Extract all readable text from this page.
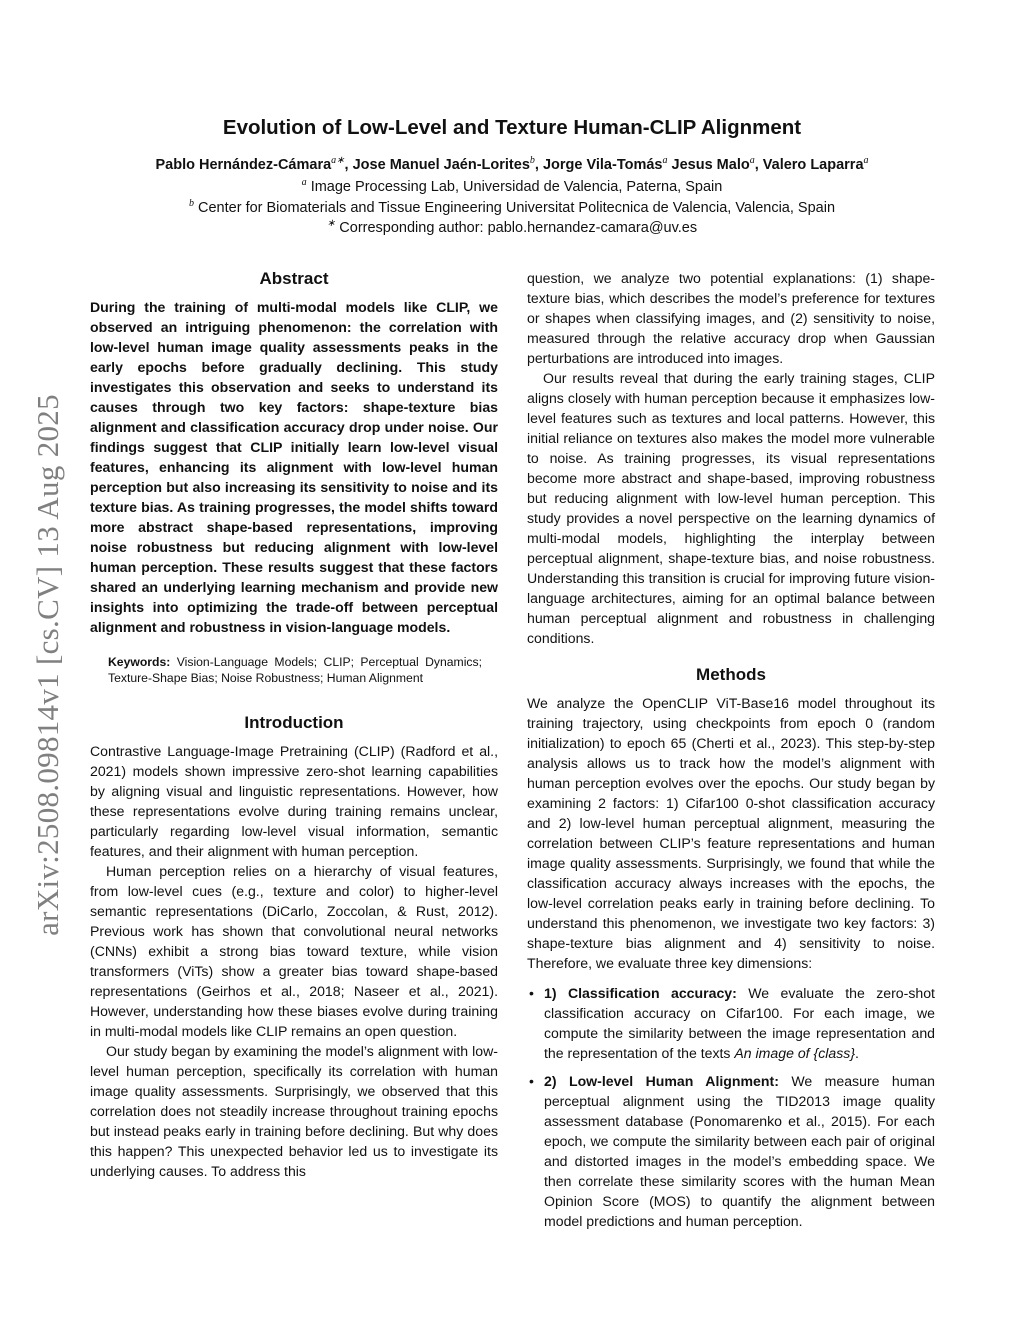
arXiv:2508.09814v1 [cs.CV] 13 Aug 2025
Evolution of Low-Level and Texture Human-CLIP Alignment
Pablo Hernández-Cámara$^{a∗}$, Jose Manuel Jaén-Lorites$^b$, Jorge Vila-Tomás$^a$ Jesus Malo$^a$, Valero Laparra$^a$
$^a$ Image Processing Lab, Universidad de Valencia, Paterna, Spain
$^b$ Center for Biomaterials and Tissue Engineering Universitat Politecnica de Valencia, Valencia, Spain
∗ Corresponding author: pablo.hernandez-camara@uv.es
Abstract

During the training of multi-modal models like CLIP, we observed an intriguing phenomenon: the correlation with low-level human image quality assessments peaks in the early epochs before gradually declining. This study investigates this observation and seeks to understand its causes through two key factors: shape-texture bias alignment and classification accuracy drop under noise. Our findings suggest that CLIP initially learn low-level visual features, enhancing its alignment with low-level human perception but also increasing its sensitivity to noise and its texture bias. As training progresses, the model shifts toward more abstract shape-based representations, improving noise robustness but reducing alignment with low-level human perception. These results suggest that these factors shared an underlying learning mechanism and provide new insights into optimizing the trade-off between perceptual alignment and robustness in vision-language models.

Keywords: Vision-Language Models; CLIP; Perceptual Dynamics; Texture-Shape Bias; Noise Robustness; Human Alignment
Introduction

Contrastive Language-Image Pretraining (CLIP) (Radford et al., 2021) models shown impressive zero-shot learning capabilities by aligning visual and linguistic representations. However, how these representations evolve during training remains unclear, particularly regarding low-level visual information, semantic features, and their alignment with human perception.

Human perception relies on a hierarchy of visual features, from low-level cues (e.g., texture and color) to higher-level semantic representations (DiCarlo, Zoccolan, & Rust, 2012). Previous work has shown that convolutional neural networks (CNNs) exhibit a strong bias toward texture, while vision transformers (ViTs) show a greater bias toward shape-based representations (Geirhos et al., 2018; Naseer et al., 2021). However, understanding how these biases evolve during training in multi-modal models like CLIP remains an open question.

Our study began by examining the model’s alignment with low-level human perception, specifically its correlation with human image quality assessments. Surprisingly, we observed that this correlation does not steadily increase throughout training epochs but instead peaks early in training before declining. But why does this happen? This unexpected behavior led us to investigate its underlying causes. To address this

question, we analyze two potential explanations: (1) shape-texture bias, which describes the model’s preference for textures or shapes when classifying images, and (2) sensitivity to noise, measured through the relative accuracy drop when Gaussian perturbations are introduced into images.

Our results reveal that during the early training stages, CLIP aligns closely with human perception because it emphasizes low-level features such as textures and local patterns. However, this initial reliance on textures also makes the model more vulnerable to noise. As training progresses, its visual representations become more abstract and shape-based, improving robustness but reducing alignment with low-level human perception. This study provides a novel perspective on the learning dynamics of multi-modal models, highlighting the interplay between perceptual alignment, shape-texture bias, and noise robustness. Understanding this transition is crucial for improving future vision-language architectures, aiming for an optimal balance between human perceptual alignment and robustness in challenging conditions.

Methods

We analyze the OpenCLIP ViT-Base16 model throughout its training trajectory, using checkpoints from epoch 0 (random initialization) to epoch 65 (Cherti et al., 2023). This step-by-step analysis allows us to track how the model’s alignment with human perception evolves over the epochs. Our study began by examining 2 factors: 1) Cifar100 0-shot classification accuracy and 2) low-level human perceptual alignment, measuring the correlation between CLIP’s feature representations and human image quality assessments. Surprisingly, we found that while the classification accuracy always increases with the epochs, the low-level correlation peaks early in training before declining. To understand this phenomenon, we investigate two key factors: 3) shape-texture bias alignment and 4) sensitivity to noise. Therefore, we evaluate three key dimensions:

• 1) Classification accuracy: We evaluate the zero-shot classification accuracy on Cifar100. For each image, we compute the similarity between the image representation and the representation of the texts An image of {class}.
• 2) Low-level Human Alignment: We measure human perceptual alignment using the TID2013 image quality assessment database (Ponomarenko et al., 2015). For each epoch, we compute the similarity between each pair of original and distorted images in the model’s embedding space. We then correlate these similarity scores with the human Mean Opinion Score (MOS) to quantify the alignment between model predictions and human perception.
